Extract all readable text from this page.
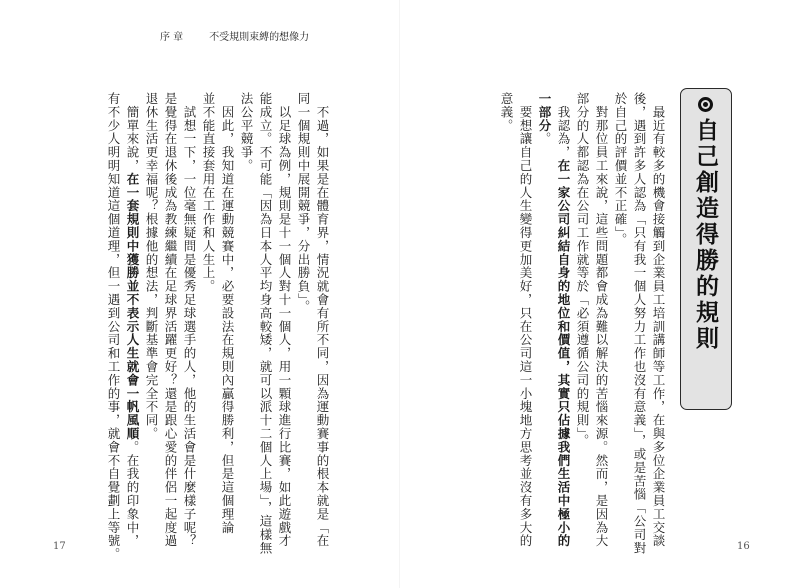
序 章	不受規則束縛的想像力
自己創造得勝的規則
　最近有較多的機會接觸到企業員工培訓講師等工作，在與多位企業員工交談
後，遇到許多人認為「只有我一個人努力工作也沒有意義」，或是苦惱「公司對
於自己的評價並不正確」。
　對那位員工來說，這些問題都會成為難以解決的苦惱來源。然而，是因為大
部分的人都認為在公司工作就等於「必須遵循公司的規則」。
　我認為，在一家公司糾結自身的地位和價值，其實只佔據我們生活中極小的
一部分。
　要想讓自己的人生變得更加美好，只在公司這一小塊地方思考並沒有多大的
意義。
　不過，如果是在體育界，情況就會有所不同，因為運動賽事的根本就是「在
同一個規則中展開競爭，分出勝負」。
　以足球為例，規則是十一個人對十一個人，用一顆球進行比賽，如此遊戲才
能成立。不可能「因為日本人平均身高較矮，就可以派十二個人上場」，這樣無
法公平競爭。
　因此，我知道在運動競賽中，必要設法在規則內贏得勝利，但是這個理論
並不能直接套用在工作和人生上。
　試想一下，一位毫無疑問是優秀足球選手的人，他的生活會是什麼樣子呢？
是覺得在退休後成為教練繼續在足球界活躍更好？還是跟心愛的伴侶一起度過
退休生活更幸福呢？根據他的想法，判斷基準會完全不同。
　簡單來說，在一套規則中獲勝並不表示人生就會一帆風順。在我的印象中，
有不少人明明知道這個道理，但一遇到公司和工作的事，就會不自覺劃上等號。
17	16
